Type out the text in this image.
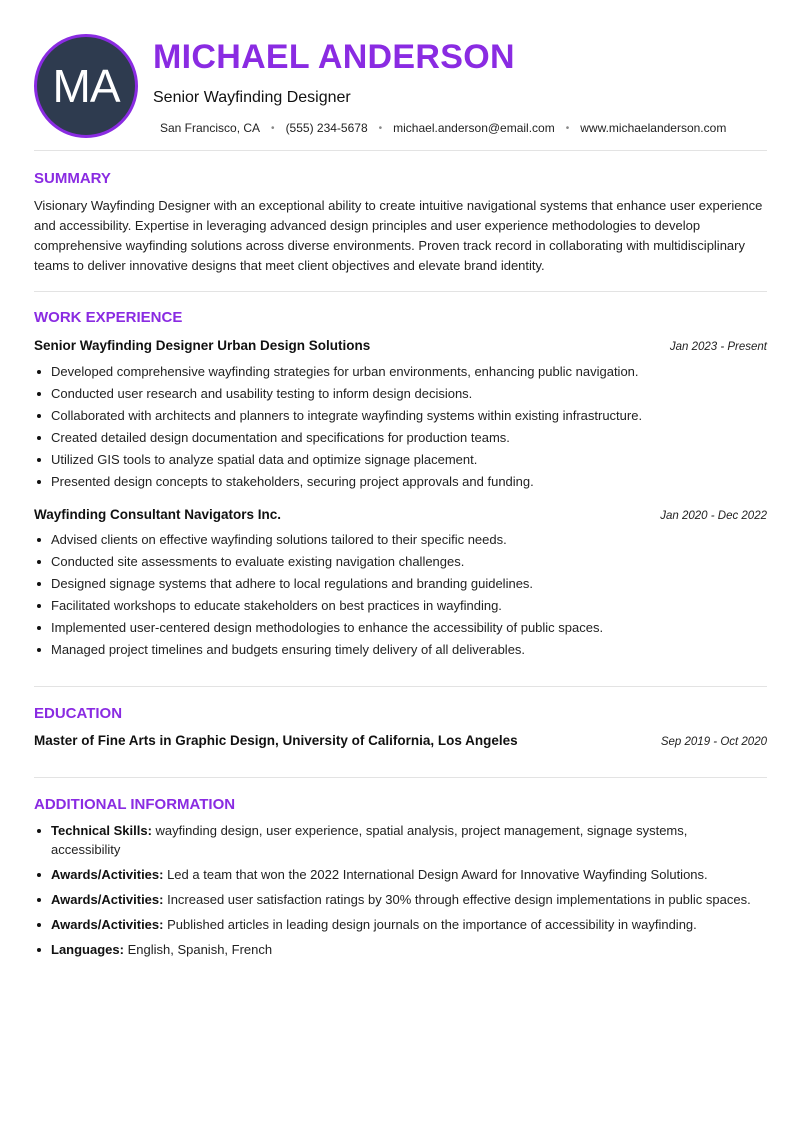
MA
MICHAEL ANDERSON
Senior Wayfinding Designer
San Francisco, CA • (555) 234-5678 • michael.anderson@email.com • www.michaelanderson.com
SUMMARY
Visionary Wayfinding Designer with an exceptional ability to create intuitive navigational systems that enhance user experience and accessibility. Expertise in leveraging advanced design principles and user experience methodologies to develop comprehensive wayfinding solutions across diverse environments. Proven track record in collaborating with multidisciplinary teams to deliver innovative designs that meet client objectives and elevate brand identity.
WORK EXPERIENCE
Senior Wayfinding Designer Urban Design Solutions	Jan 2023 - Present
Developed comprehensive wayfinding strategies for urban environments, enhancing public navigation.
Conducted user research and usability testing to inform design decisions.
Collaborated with architects and planners to integrate wayfinding systems within existing infrastructure.
Created detailed design documentation and specifications for production teams.
Utilized GIS tools to analyze spatial data and optimize signage placement.
Presented design concepts to stakeholders, securing project approvals and funding.
Wayfinding Consultant Navigators Inc.	Jan 2020 - Dec 2022
Advised clients on effective wayfinding solutions tailored to their specific needs.
Conducted site assessments to evaluate existing navigation challenges.
Designed signage systems that adhere to local regulations and branding guidelines.
Facilitated workshops to educate stakeholders on best practices in wayfinding.
Implemented user-centered design methodologies to enhance the accessibility of public spaces.
Managed project timelines and budgets ensuring timely delivery of all deliverables.
EDUCATION
Master of Fine Arts in Graphic Design, University of California, Los Angeles	Sep 2019 - Oct 2020
ADDITIONAL INFORMATION
Technical Skills: wayfinding design, user experience, spatial analysis, project management, signage systems, accessibility
Awards/Activities: Led a team that won the 2022 International Design Award for Innovative Wayfinding Solutions.
Awards/Activities: Increased user satisfaction ratings by 30% through effective design implementations in public spaces.
Awards/Activities: Published articles in leading design journals on the importance of accessibility in wayfinding.
Languages: English, Spanish, French
